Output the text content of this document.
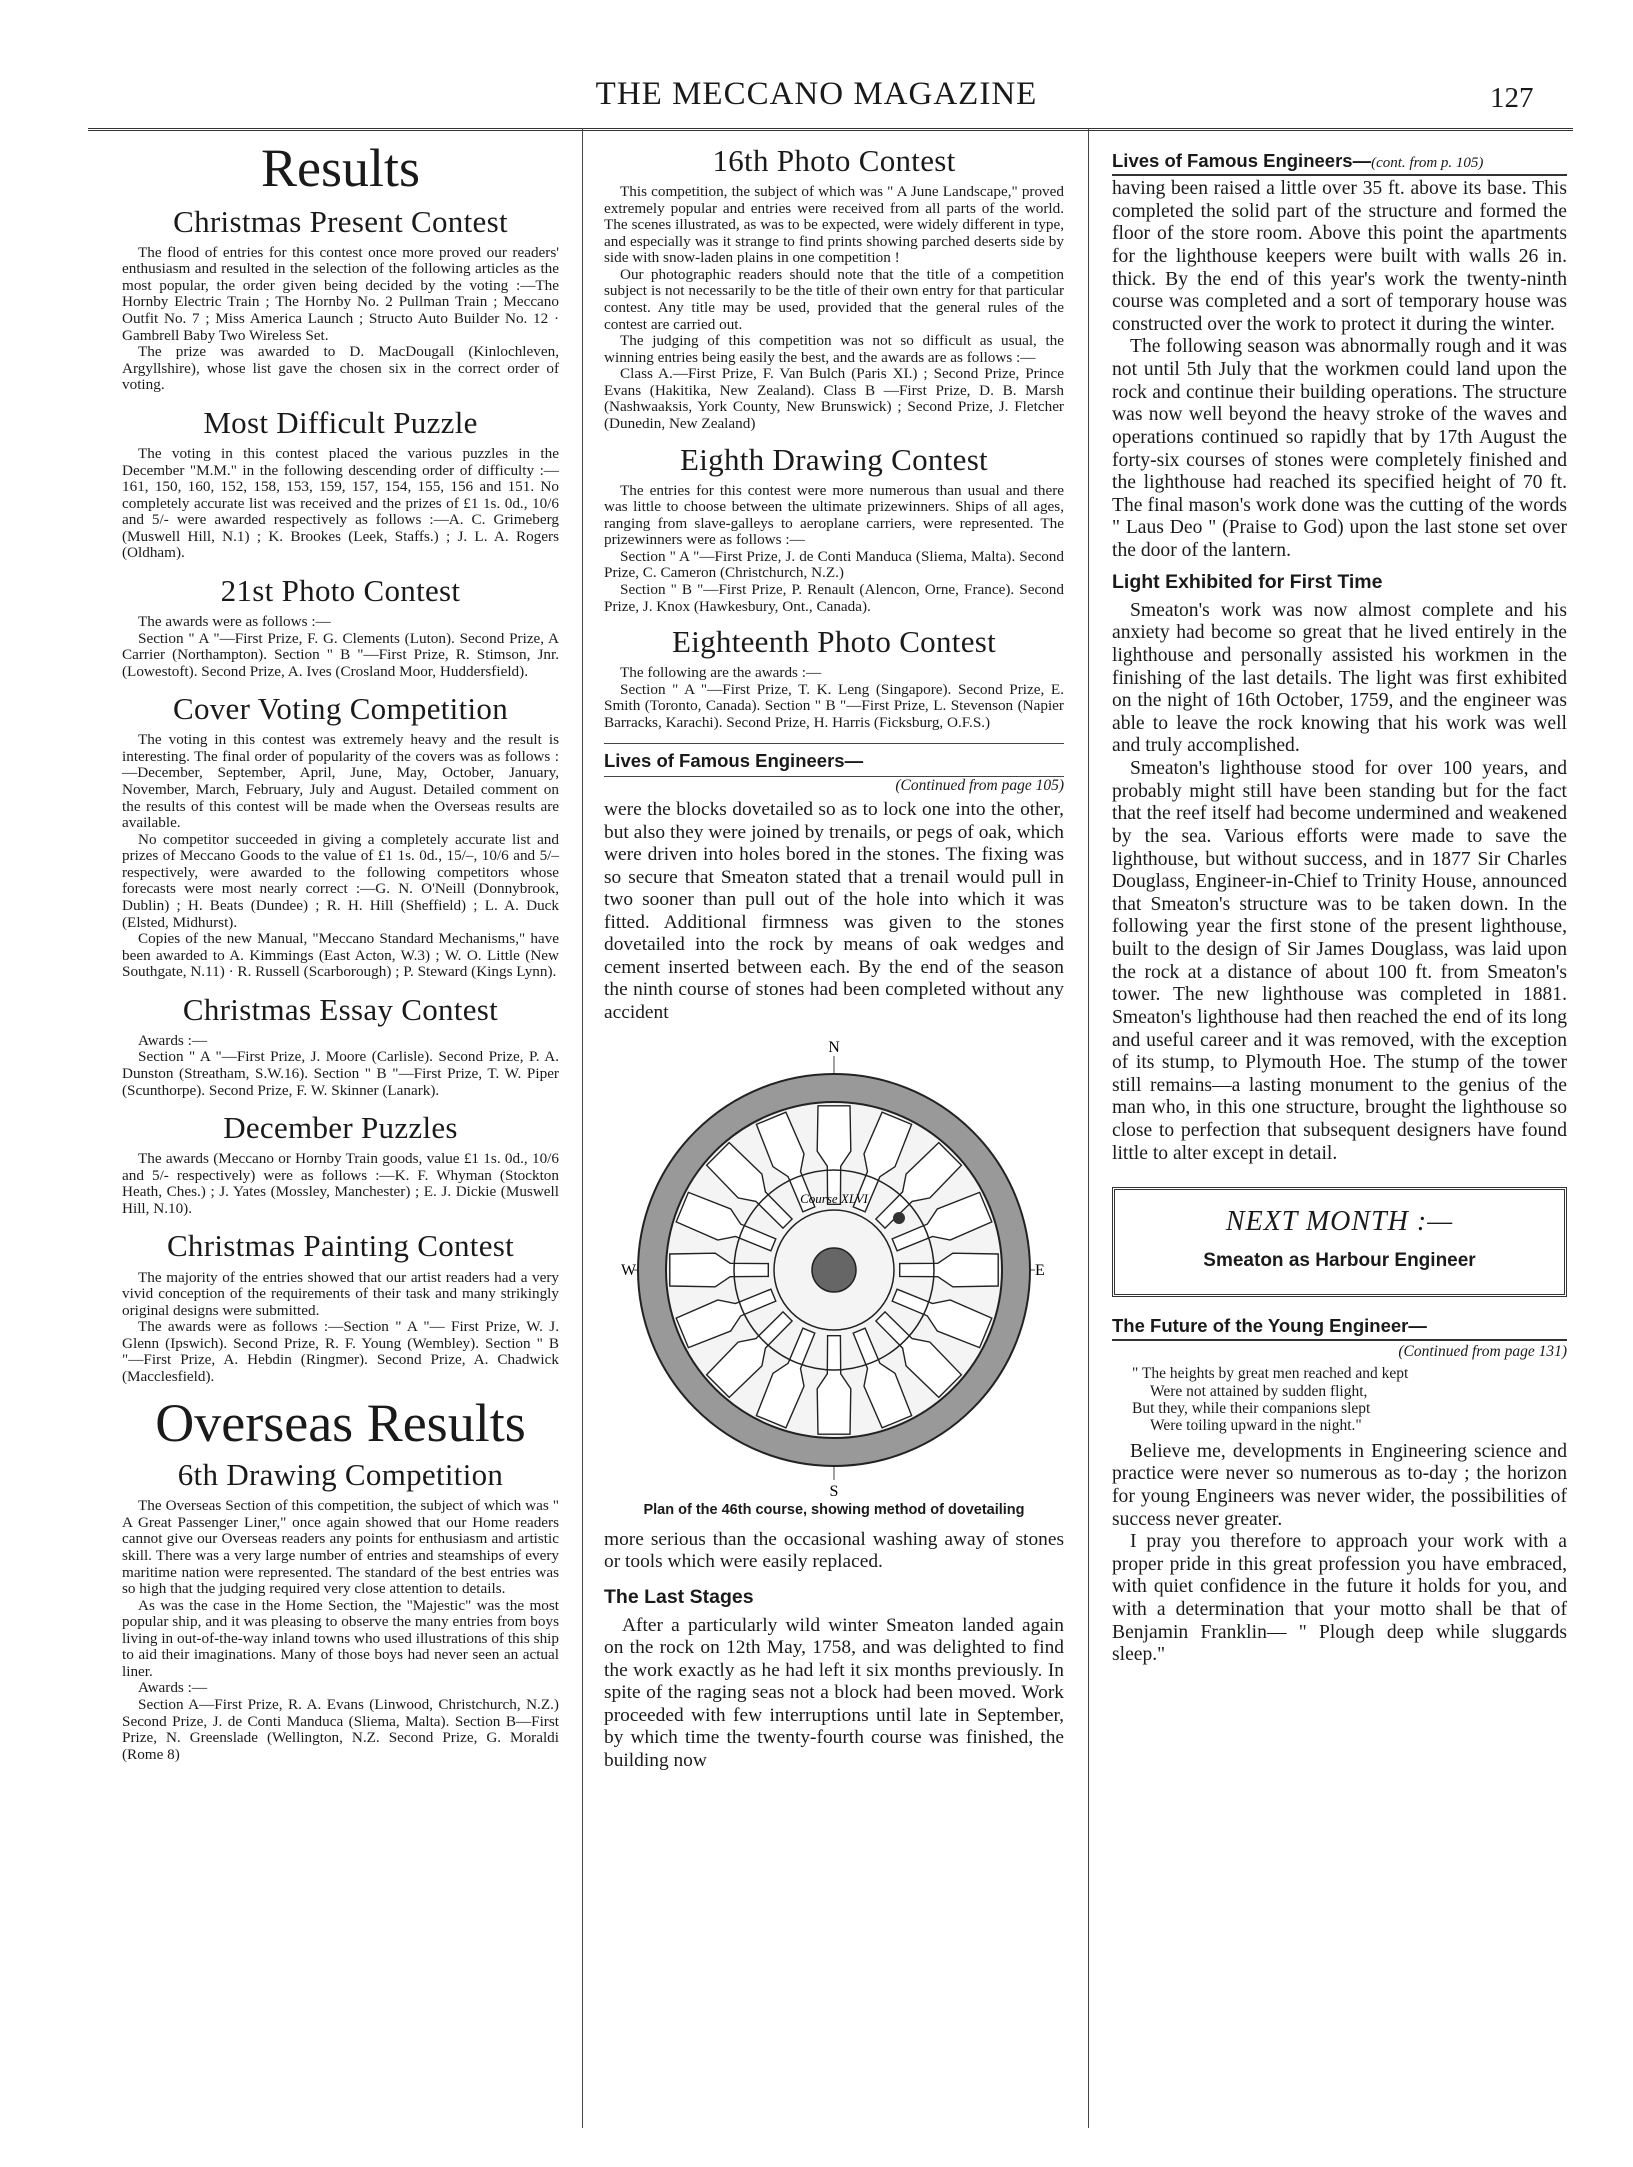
THE MECCANO MAGAZINE	127
Results
Christmas Present Contest

The flood of entries for this contest once more proved our readers' enthusiasm and resulted in the selection of the following articles as the most popular, the order given being decided by the voting :—The Hornby Electric Train ; The Hornby No. 2 Pullman Train ; Meccano Outfit No. 7 ; Miss America Launch ; Structo Auto Builder No. 12 · Gambrell Baby Two Wireless Set.

The prize was awarded to D. MacDougall (Kinlochleven, Argyllshire), whose list gave the chosen six in the correct order of voting.

Most Difficult Puzzle

The voting in this contest placed the various puzzles in the December "M.M." in the following descending order of difficulty :—161, 150, 160, 152, 158, 153, 159, 157, 154, 155, 156 and 151. No completely accurate list was received and the prizes of £1 1s. 0d., 10/6 and 5/- were awarded respectively as follows :—A. C. Grimeberg (Muswell Hill, N.1) ; K. Brookes (Leek, Staffs.) ; J. L. A. Rogers (Oldham).

21st Photo Contest

The awards were as follows :—

Section " A "—First Prize, F. G. Clements (Luton). Second Prize, A Carrier (Northampton). Section " B "—First Prize, R. Stimson, Jnr. (Lowestoft). Second Prize, A. Ives (Crosland Moor, Huddersfield).

Cover Voting Competition

The voting in this contest was extremely heavy and the result is interesting. The final order of popularity of the covers was as follows :—December, September, April, June, May, October, January, November, March, February, July and August. Detailed comment on the results of this contest will be made when the Overseas results are available.

No competitor succeeded in giving a completely accurate list and prizes of Meccano Goods to the value of £1 1s. 0d., 15/–, 10/6 and 5/– respectively, were awarded to the following competitors whose forecasts were most nearly correct :—G. N. O'Neill (Donnybrook, Dublin) ; H. Beats (Dundee) ; R. H. Hill (Sheffield) ; L. A. Duck (Elsted, Midhurst).

Copies of the new Manual, "Meccano Standard Mechanisms," have been awarded to A. Kimmings (East Acton, W.3) ; W. O. Little (New Southgate, N.11) · R. Russell (Scarborough) ; P. Steward (Kings Lynn).

Christmas Essay Contest

Awards :—

Section " A "—First Prize, J. Moore (Carlisle). Second Prize, P. A. Dunston (Streatham, S.W.16). Section " B "—First Prize, T. W. Piper (Scunthorpe). Second Prize, F. W. Skinner (Lanark).

December Puzzles

The awards (Meccano or Hornby Train goods, value £1 1s. 0d., 10/6 and 5/- respectively) were as follows :—K. F. Whyman (Stockton Heath, Ches.) ; J. Yates (Mossley, Manchester) ; E. J. Dickie (Muswell Hill, N.10).

Christmas Painting Contest

The majority of the entries showed that our artist readers had a very vivid conception of the requirements of their task and many strikingly original designs were submitted.

The awards were as follows :—Section " A "— First Prize, W. J. Glenn (Ipswich). Second Prize, R. F. Young (Wembley). Section " B "—First Prize, A. Hebdin (Ringmer). Second Prize, A. Chadwick (Macclesfield).

Overseas Results
6th Drawing Competition

The Overseas Section of this competition, the subject of which was " A Great Passenger Liner," once again showed that our Home readers cannot give our Overseas readers any points for enthusiasm and artistic skill. There was a very large number of entries and steamships of every maritime nation were represented. The standard of the best entries was so high that the judging required very close attention to details.

As was the case in the Home Section, the "Majestic" was the most popular ship, and it was pleasing to observe the many entries from boys living in out-of-the-way inland towns who used illustrations of this ship to aid their imaginations. Many of those boys had never seen an actual liner.

Awards :—

Section A—First Prize, R. A. Evans (Linwood, Christchurch, N.Z.) Second Prize, J. de Conti Manduca (Sliema, Malta). Section B—First Prize, N. Greenslade (Wellington, N.Z. Second Prize, G. Moraldi (Rome 8)

16th Photo Contest

This competition, the subject of which was " A June Landscape," proved extremely popular and entries were received from all parts of the world. The scenes illustrated, as was to be expected, were widely different in type, and especially was it strange to find prints showing parched deserts side by side with snow-laden plains in one competition !

Our photographic readers should note that the title of a competition subject is not necessarily to be the title of their own entry for that particular contest. Any title may be used, provided that the general rules of the contest are carried out.

The judging of this competition was not so difficult as usual, the winning entries being easily the best, and the awards are as follows :—

Class A.—First Prize, F. Van Bulch (Paris XI.) ; Second Prize, Prince Evans (Hakitika, New Zealand). Class B —First Prize, D. B. Marsh (Nashwaaksis, York County, New Brunswick) ; Second Prize, J. Fletcher (Dunedin, New Zealand)

Eighth Drawing Contest

The entries for this contest were more numerous than usual and there was little to choose between the ultimate prizewinners. Ships of all ages, ranging from slave-galleys to aeroplane carriers, were represented. The prizewinners were as follows :—

Section " A "—First Prize, J. de Conti Manduca (Sliema, Malta). Second Prize, C. Cameron (Christchurch, N.Z.)

Section " B "—First Prize, P. Renault (Alencon, Orne, France). Second Prize, J. Knox (Hawkesbury, Ont., Canada).

Eighteenth Photo Contest

The following are the awards :—

Section " A "—First Prize, T. K. Leng (Singapore). Second Prize, E. Smith (Toronto, Canada). Section " B "—First Prize, L. Stevenson (Napier Barracks, Karachi). Second Prize, H. Harris (Ficksburg, O.F.S.)

Lives of Famous Engineers—

(Continued from page 105)

were the blocks dovetailed so as to lock one into the other, but also they were joined by trenails, or pegs of oak, which were driven into holes bored in the stones. The fixing was so secure that Smeaton stated that a trenail would pull in two sooner than pull out of the hole into which it was fitted. Additional firmness was given to the stones dovetailed into the rock by means of oak wedges and cement inserted between each. By the end of the season the ninth course of stones had been completed without any accident

N
S
W	E
Course XLVI

Plan of the 46th course, showing method of dovetailing

more serious than the occasional washing away of stones or tools which were easily replaced.

The Last Stages

After a particularly wild winter Smeaton landed again on the rock on 12th May, 1758, and was delighted to find the work exactly as he had left it six months previously. In spite of the raging seas not a block had been moved. Work proceeded with few interruptions until late in September, by which time the twenty-fourth course was finished, the building now

Lives of Famous Engineers—(cont. from p. 105)

having been raised a little over 35 ft. above its base. This completed the solid part of the structure and formed the floor of the store room. Above this point the apartments for the lighthouse keepers were built with walls 26 in. thick. By the end of this year's work the twenty-ninth course was completed and a sort of temporary house was constructed over the work to protect it during the winter.

The following season was abnormally rough and it was not until 5th July that the workmen could land upon the rock and continue their building operations. The structure was now well beyond the heavy stroke of the waves and operations continued so rapidly that by 17th August the forty-six courses of stones were completely finished and the lighthouse had reached its specified height of 70 ft. The final mason's work done was the cutting of the words " Laus Deo " (Praise to God) upon the last stone set over the door of the lantern.

Light Exhibited for First Time

Smeaton's work was now almost complete and his anxiety had become so great that he lived entirely in the lighthouse and personally assisted his workmen in the finishing of the last details. The light was first exhibited on the night of 16th October, 1759, and the engineer was able to leave the rock knowing that his work was well and truly accomplished.

Smeaton's lighthouse stood for over 100 years, and probably might still have been standing but for the fact that the reef itself had become undermined and weakened by the sea. Various efforts were made to save the lighthouse, but without success, and in 1877 Sir Charles Douglass, Engineer-in-Chief to Trinity House, announced that Smeaton's structure was to be taken down. In the following year the first stone of the present lighthouse, built to the design of Sir James Douglass, was laid upon the rock at a distance of about 100 ft. from Smeaton's tower. The new lighthouse was completed in 1881. Smeaton's lighthouse had then reached the end of its long and useful career and it was removed, with the exception of its stump, to Plymouth Hoe. The stump of the tower still remains—a lasting monument to the genius of the man who, in this one structure, brought the lighthouse so close to perfection that subsequent designers have found little to alter except in detail.

NEXT MONTH :—
Smeaton as Harbour Engineer
The Future of the Young Engineer—

(Continued from page 131)

" The heights by great men reached and kept
Were not attained by sudden flight,
But they, while their companions slept
Were toiling upward in the night."

Believe me, developments in Engineering science and practice were never so numerous as to-day ; the horizon for young Engineers was never wider, the possibilities of success never greater.

I pray you therefore to approach your work with a proper pride in this great profession you have embraced, with quiet confidence in the future it holds for you, and with a determination that your motto shall be that of Benjamin Franklin— " Plough deep while sluggards sleep."
